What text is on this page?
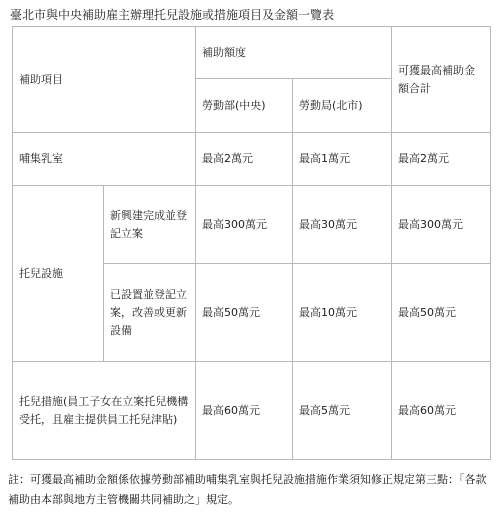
臺北市與中央補助雇主辦理托兒設施或措施項目及金額一覽表
補助項目		補助額度		可獲最高補助金額合計
		勞動部(中央)	勞動局(北市)	
哺集乳室		最高2萬元	最高1萬元	最高2萬元
托兒設施	新興建完成並登記立案	最高300萬元	最高30萬元	最高300萬元
	已設置並登記立案，改善或更新設備	最高50萬元	最高10萬元	最高50萬元
托兒措施(員工子女在立案托兒機構受托，且雇主提供員工托兒津貼)		最高60萬元	最高5萬元	最高60萬元
註：可獲最高補助金額係依據勞動部補助哺集乳室與托兒設施措施作業須知修正規定第三點：「各款補助由本部與地方主管機關共同補助之」規定。
